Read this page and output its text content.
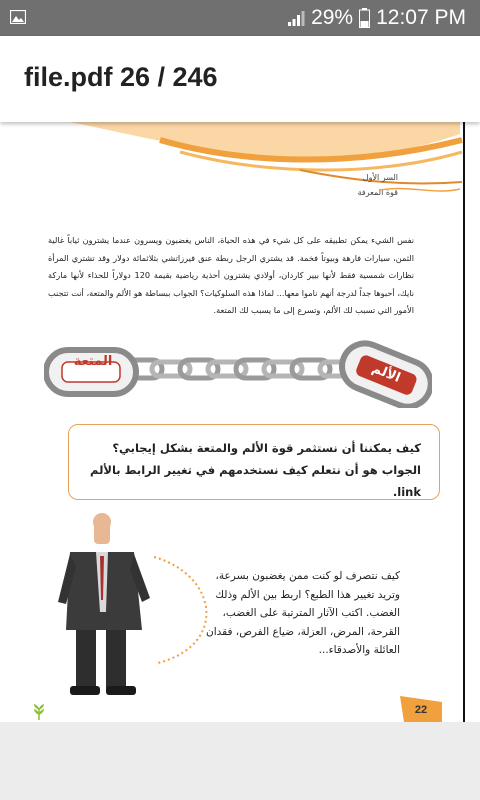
29% 12:07 PM
file.pdf 26 / 246
السر الأول
قوة المعرفة
نفس الشيء يمكن تطبيقه على كل شيء في هذه الحياة، الناس يغضبون ويسرون عندما يشترون ثياباً غالية الثمن، سيارات فارهة وبيوتاً فخمة. قد يشتري الرجل ربطة عنق فيرزاتشي بثلاثمائة دولار وقد تشتري المرأة نظارات شمسية فقط لأنها بيير كاردان، أولادي يشترون أحذية رياضية بقيمة 120 دولاراً للحذاء لأنها ماركة نايك، أحبوها جداً لدرجة أنهم ناموا معها... لماذا هذه السلوكيات؟ الجواب ببساطة هو الألم والمتعة، أنت تتجنب الأمور التي تسبب لك الألم، وتسرع إلى ما يسبب لك المتعة.
المتعة	الألم
كيف يمكننا أن نستثمر قوة الألم والمتعة بشكل إيجابي؟ الجواب هو أن نتعلم كيف نستخدمهم في تغيير الرابط بالألم link.
كيف نتصرف لو كنت ممن يغضبون بسرعة، وتريد تغيير هذا الطبع؟ اربط بين الألم وذلك الغضب. اكتب الآثار المترتبة على الغضب، القرحة، المرض، العزلة، ضياع الفرص، فقدان العائلة والأصدقاء...
22
